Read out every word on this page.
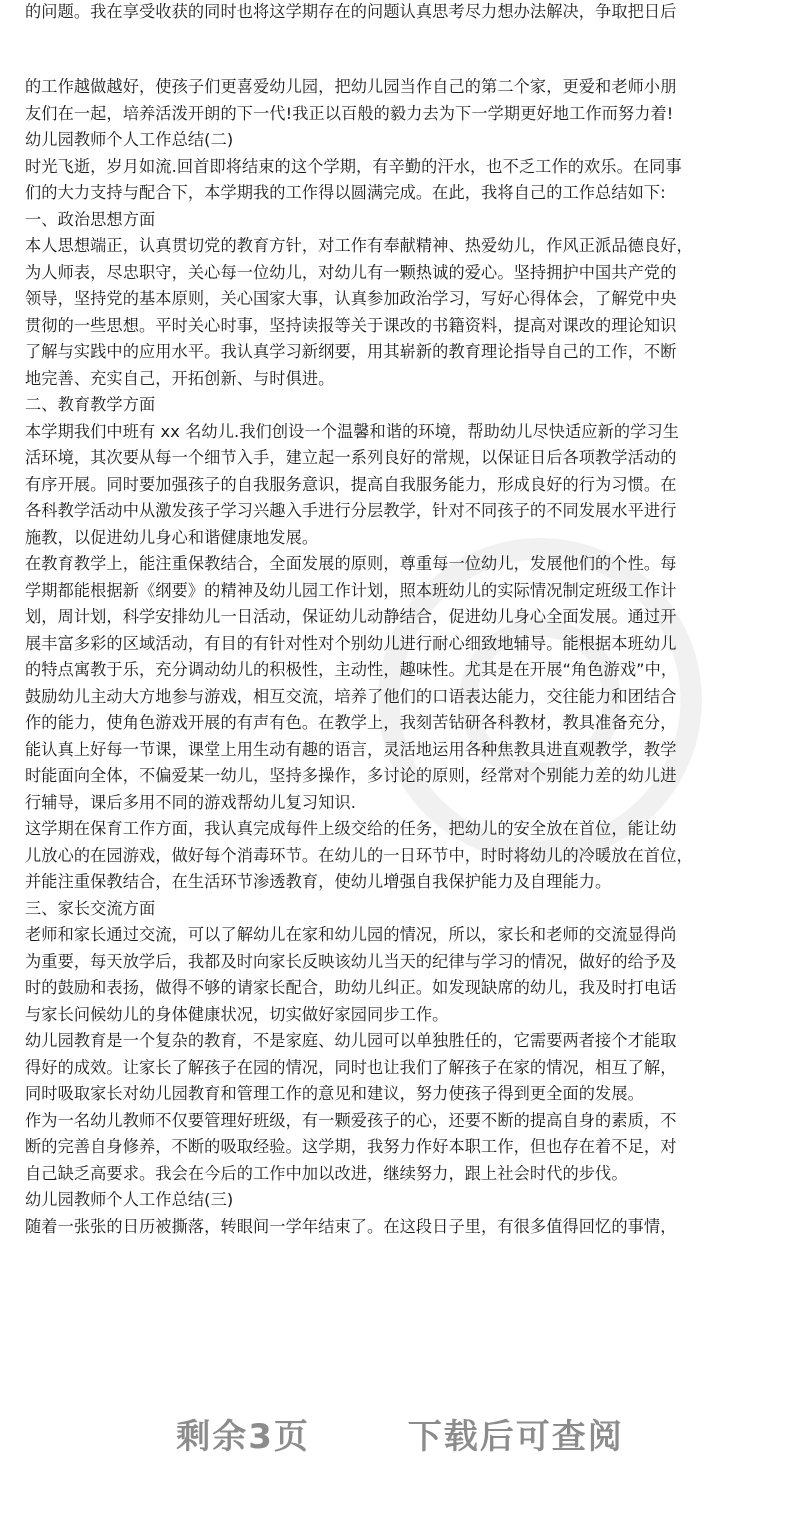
的问题。我在享受收获的同时也将这学期存在的问题认真思考尽力想办法解决，争取把日后
的工作越做越好，使孩子们更喜爱幼儿园，把幼儿园当作自己的第二个家，更爱和老师小朋
友们在一起，培养活泼开朗的下一代!我正以百般的毅力去为下一学期更好地工作而努力着!
幼儿园教师个人工作总结(二)
时光飞逝，岁月如流.回首即将结束的这个学期，有辛勤的汗水，也不乏工作的欢乐。在同事
们的大力支持与配合下，本学期我的工作得以圆满完成。在此，我将自己的工作总结如下:
一、政治思想方面
本人思想端正，认真贯切党的教育方针，对工作有奉献精神、热爱幼儿，作风正派品德良好，
为人师表，尽忠职守，关心每一位幼儿，对幼儿有一颗热诚的爱心。坚持拥护中国共产党的
领导，坚持党的基本原则，关心国家大事，认真参加政治学习，写好心得体会，了解党中央
贯彻的一些思想。平时关心时事，坚持读报等关于课改的书籍资料，提高对课改的理论知识
了解与实践中的应用水平。我认真学习新纲要，用其崭新的教育理论指导自己的工作，不断
地完善、充实自己，开拓创新、与时俱进。
二、教育教学方面
本学期我们中班有 xx 名幼儿.我们创设一个温馨和谐的环境，帮助幼儿尽快适应新的学习生
活环境，其次要从每一个细节入手，建立起一系列良好的常规，以保证日后各项教学活动的
有序开展。同时要加强孩子的自我服务意识，提高自我服务能力，形成良好的行为习惯。在
各科教学活动中从激发孩子学习兴趣入手进行分层教学，针对不同孩子的不同发展水平进行
施教，以促进幼儿身心和谐健康地发展。
在教育教学上，能注重保教结合，全面发展的原则，尊重每一位幼儿，发展他们的个性。每
学期都能根据新《纲要》的精神及幼儿园工作计划，照本班幼儿的实际情况制定班级工作计
划，周计划，科学安排幼儿一日活动，保证幼儿动静结合，促进幼儿身心全面发展。通过开
展丰富多彩的区域活动，有目的有针对性对个别幼儿进行耐心细致地辅导。能根据本班幼儿
的特点寓教于乐，充分调动幼儿的积极性，主动性，趣味性。尤其是在开展“角色游戏”中，
鼓励幼儿主动大方地参与游戏，相互交流，培养了他们的口语表达能力，交往能力和团结合
作的能力，使角色游戏开展的有声有色。在教学上，我刻苦钻研各科教材，教具准备充分，
能认真上好每一节课，课堂上用生动有趣的语言，灵活地运用各种焦教具进直观教学，教学
时能面向全体，不偏爱某一幼儿，坚持多操作，多讨论的原则，经常对个别能力差的幼儿进
行辅导，课后多用不同的游戏帮幼儿复习知识.
这学期在保育工作方面，我认真完成每件上级交给的任务，把幼儿的安全放在首位，能让幼
儿放心的在园游戏，做好每个消毒环节。在幼儿的一日环节中，时时将幼儿的冷暖放在首位，
并能注重保教结合，在生活环节渗透教育，使幼儿增强自我保护能力及自理能力。
三、家长交流方面
老师和家长通过交流，可以了解幼儿在家和幼儿园的情况，所以，家长和老师的交流显得尚
为重要，每天放学后，我都及时向家长反映该幼儿当天的纪律与学习的情况，做好的给予及
时的鼓励和表扬，做得不够的请家长配合，助幼儿纠正。如发现缺席的幼儿，我及时打电话
与家长问候幼儿的身体健康状况，切实做好家园同步工作。
幼儿园教育是一个复杂的教育，不是家庭、幼儿园可以单独胜任的，它需要两者接个才能取
得好的成效。让家长了解孩子在园的情况，同时也让我们了解孩子在家的情况，相互了解，
同时吸取家长对幼儿园教育和管理工作的意见和建议，努力使孩子得到更全面的发展。
作为一名幼儿教师不仅要管理好班级，有一颗爱孩子的心，还要不断的提高自身的素质，不
断的完善自身修养，不断的吸取经验。这学期，我努力作好本职工作，但也存在着不足，对
自己缺乏高要求。我会在今后的工作中加以改进，继续努力，跟上社会时代的步伐。
幼儿园教师个人工作总结(三)
随着一张张的日历被撕落，转眼间一学年结束了。在这段日子里，有很多值得回忆的事情，
剩余3页	下载后可查阅
